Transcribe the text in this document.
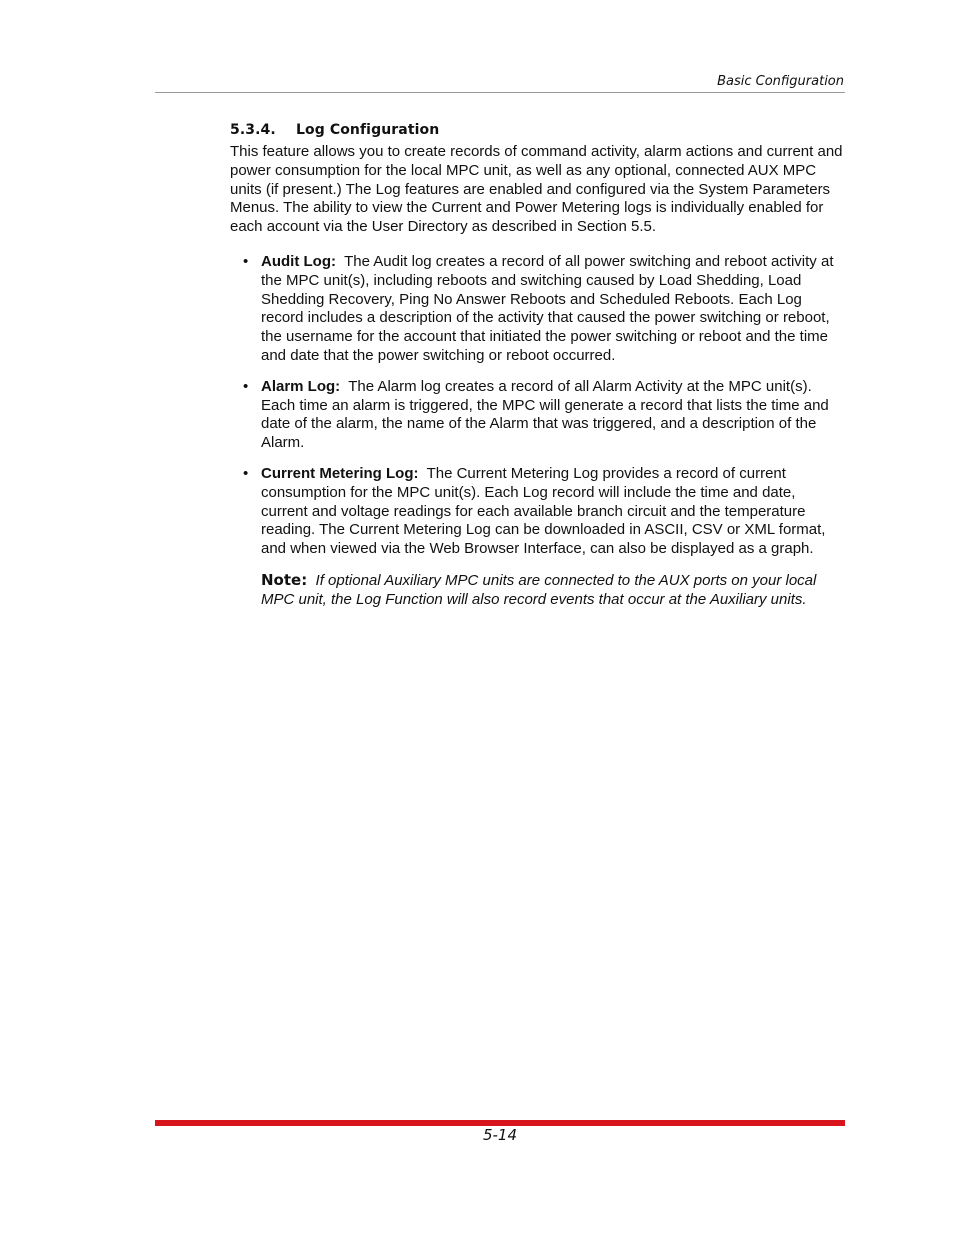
Basic Configuration
5.3.4. Log Configuration

This feature allows you to create records of command activity, alarm actions and current and power consumption for the local MPC unit, as well as any optional, connected AUX MPC units (if present.) The Log features are enabled and configured via the System Parameters Menus. The ability to view the Current and Power Metering logs is individually enabled for each account via the User Directory as described in Section 5.5.

• Audit Log: The Audit log creates a record of all power switching and reboot activity at the MPC unit(s), including reboots and switching caused by Load Shedding, Load Shedding Recovery, Ping No Answer Reboots and Scheduled Reboots. Each Log record includes a description of the activity that caused the power switching or reboot, the username for the account that initiated the power switching or reboot and the time and date that the power switching or reboot occurred.
• Alarm Log: The Alarm log creates a record of all Alarm Activity at the MPC unit(s). Each time an alarm is triggered, the MPC will generate a record that lists the time and date of the alarm, the name of the Alarm that was triggered, and a description of the Alarm.
• Current Metering Log: The Current Metering Log provides a record of current consumption for the MPC unit(s). Each Log record will include the time and date, current and voltage readings for each available branch circuit and the temperature reading. The Current Metering Log can be downloaded in ASCII, CSV or XML format, and when viewed via the Web Browser Interface, can also be displayed as a graph.
Note: If optional Auxiliary MPC units are connected to the AUX ports on your local MPC unit, the Log Function will also record events that occur at the Auxiliary units.
5-14
